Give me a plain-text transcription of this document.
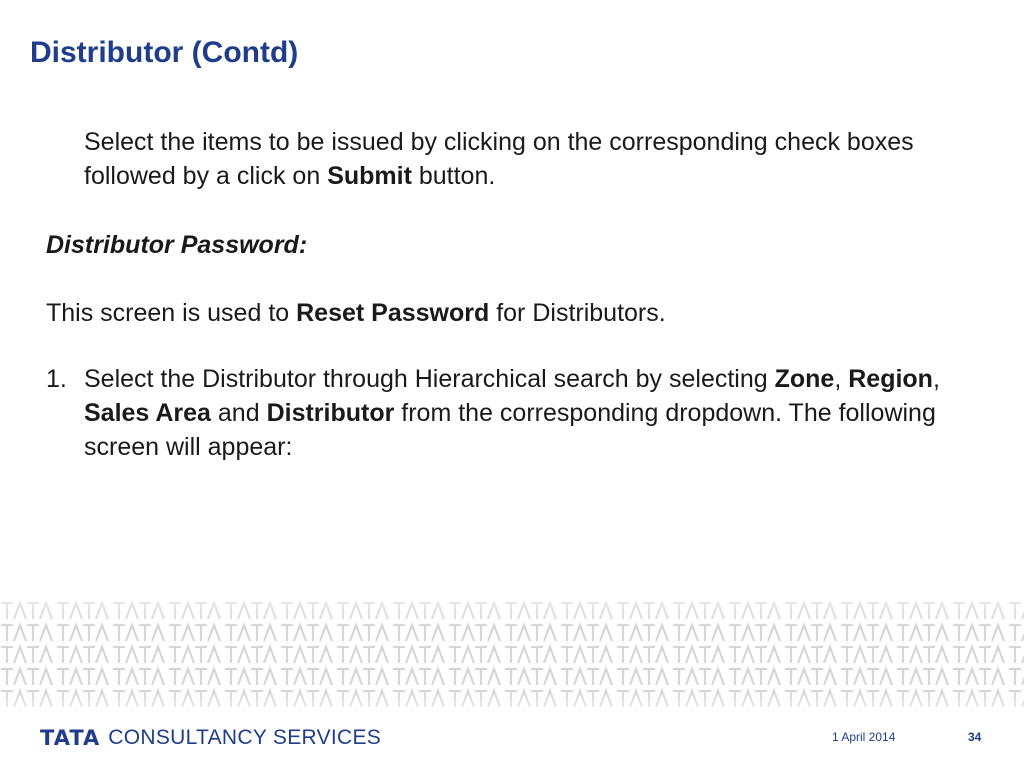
Distributor (Contd)
Select the items to be issued by clicking on the corresponding check boxes followed by a click on Submit button.
Distributor Password:
This screen is used to Reset Password for Distributors.
1. Select the Distributor through Hierarchical search by selecting Zone, Region, Sales Area and Distributor from the corresponding dropdown. The following screen will appear:
TATA CONSULTANCY SERVICES	1 April 2014	34
